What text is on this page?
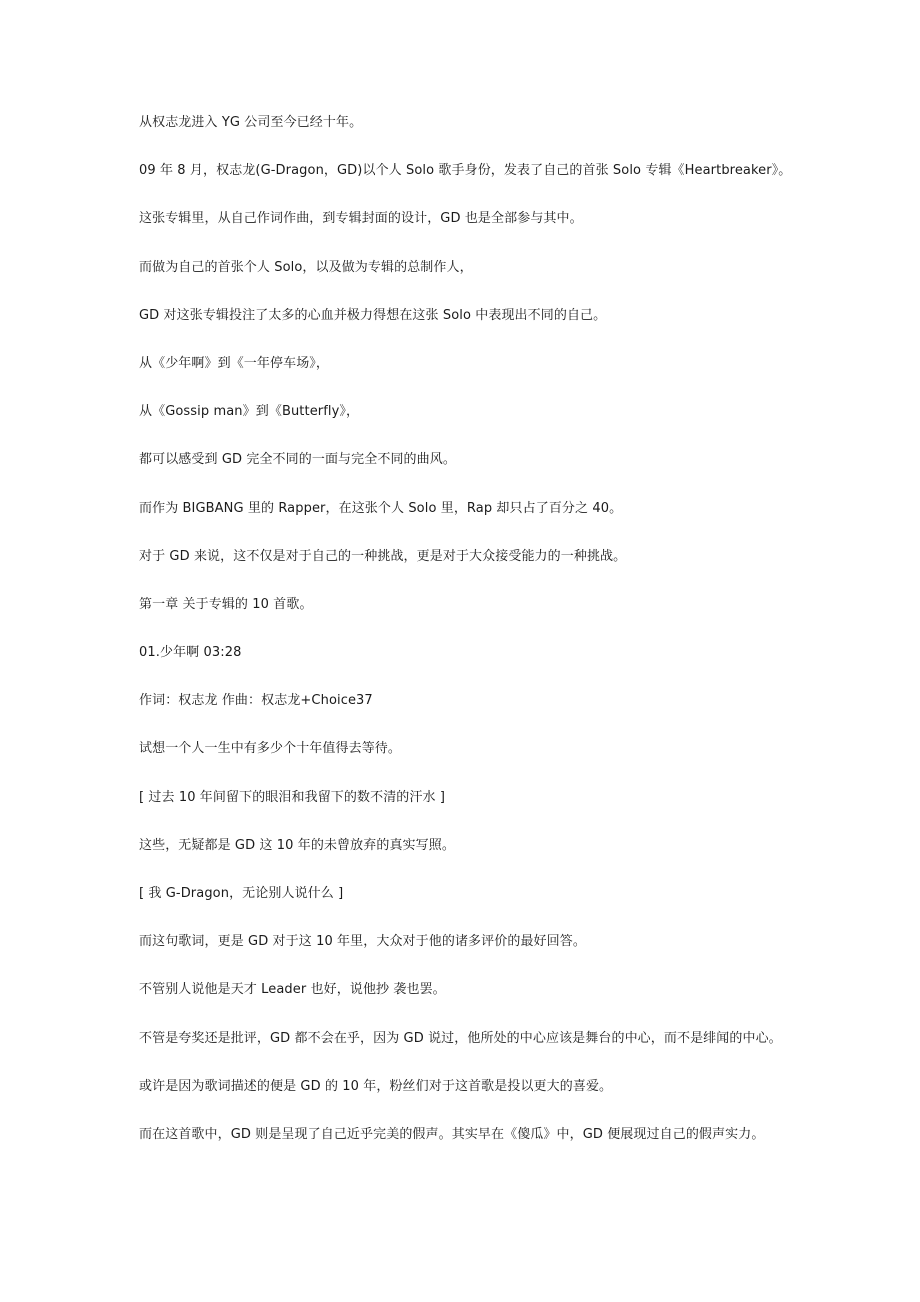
从权志龙进入 YG 公司至今已经十年。
09 年 8 月，权志龙(G-Dragon，GD)以个人 Solo 歌手身份，发表了自己的首张 Solo 专辑《Heartbreaker》。
这张专辑里，从自己作词作曲，到专辑封面的设计，GD 也是全部参与其中。
而做为自己的首张个人 Solo，以及做为专辑的总制作人，
GD 对这张专辑投注了太多的心血并极力得想在这张 Solo 中表现出不同的自己。
从《少年啊》到《一年停车场》，
从《Gossip man》到《Butterfly》，
都可以感受到 GD 完全不同的一面与完全不同的曲风。
而作为 BIGBANG 里的 Rapper，在这张个人 Solo 里，Rap 却只占了百分之 40。
对于 GD 来说，这不仅是对于自己的一种挑战，更是对于大众接受能力的一种挑战。
第一章 关于专辑的 10 首歌。
01.少年啊 03:28
作词：权志龙 作曲：权志龙+Choice37
试想一个人一生中有多少个十年值得去等待。
[ 过去 10 年间留下的眼泪和我留下的数不清的汗水 ]
这些，无疑都是 GD 这 10 年的未曾放弃的真实写照。
[ 我 G-Dragon，无论别人说什么 ]
而这句歌词，更是 GD 对于这 10 年里，大众对于他的诸多评价的最好回答。
不管别人说他是天才 Leader 也好，说他抄 袭也罢。
不管是夸奖还是批评，GD 都不会在乎，因为 GD 说过，他所处的中心应该是舞台的中心，而不是绯闻的中心。
或许是因为歌词描述的便是 GD 的 10 年，粉丝们对于这首歌是投以更大的喜爱。
而在这首歌中，GD 则是呈现了自己近乎完美的假声。其实早在《傻瓜》中，GD 便展现过自己的假声实力。
